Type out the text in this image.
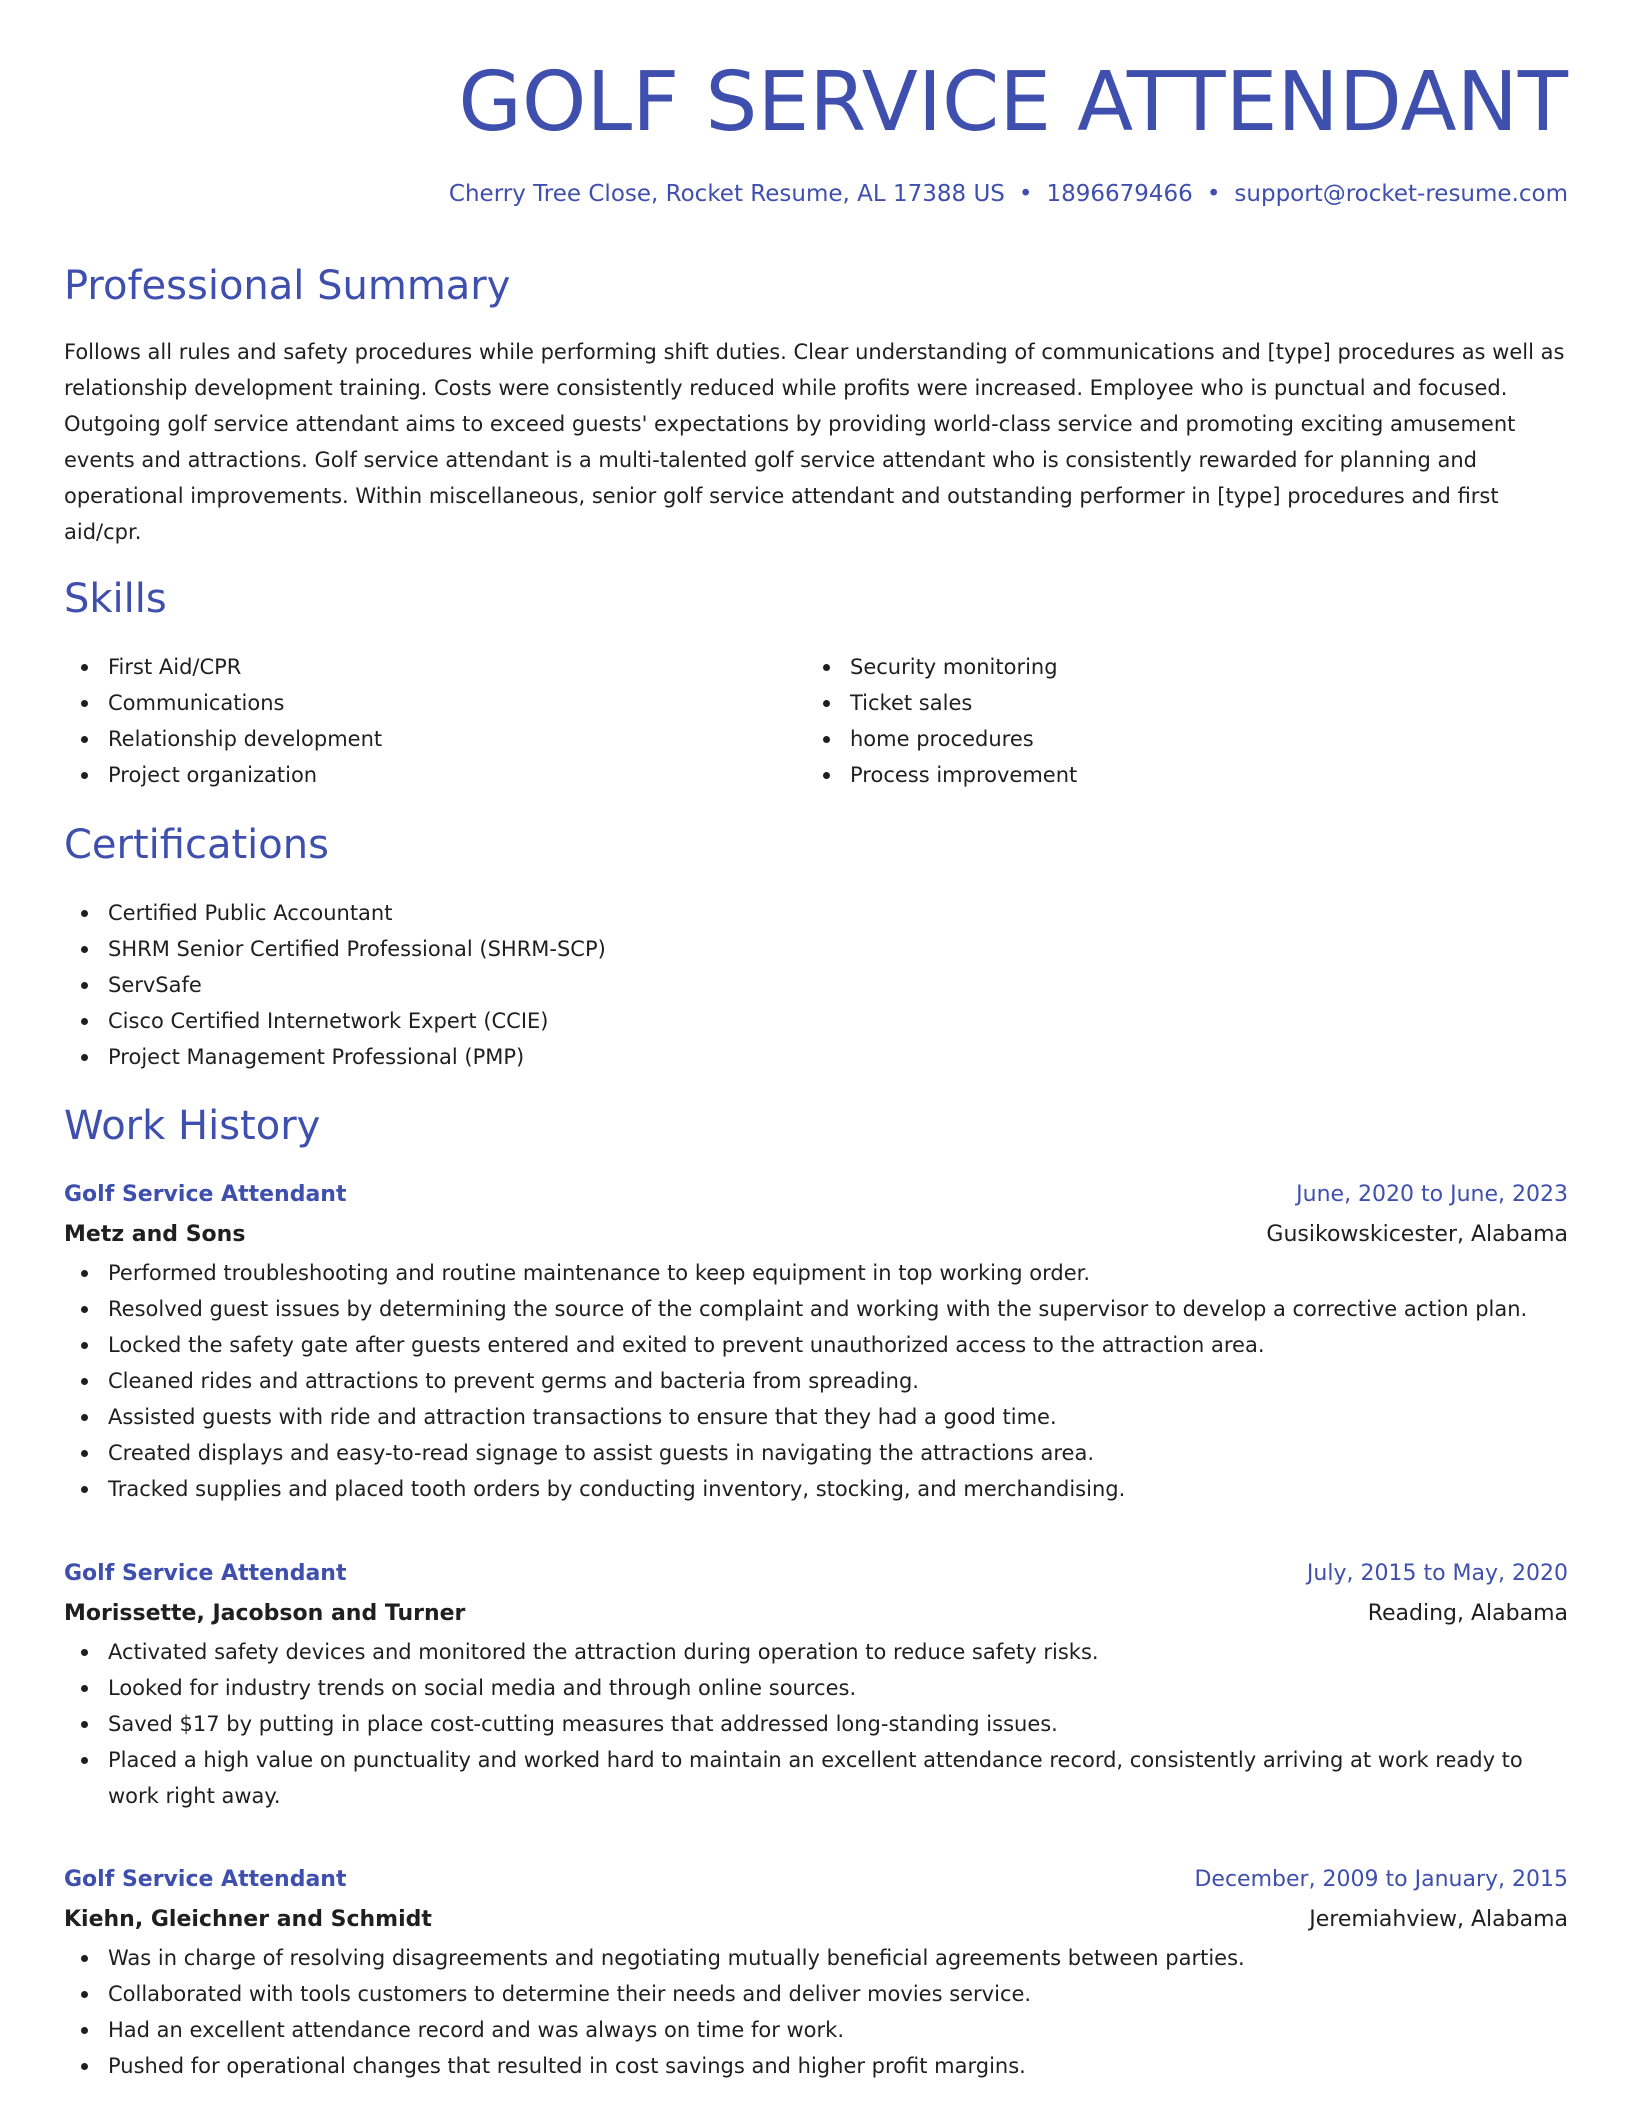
GOLF SERVICE ATTENDANT
Cherry Tree Close, Rocket Resume, AL 17388 US • 1896679466 • support@rocket-resume.com
Professional Summary

Follows all rules and safety procedures while performing shift duties. Clear understanding of communications and [type] procedures as well as relationship development training. Costs were consistently reduced while profits were increased. Employee who is punctual and focused. Outgoing golf service attendant aims to exceed guests' expectations by providing world-class service and promoting exciting amusement events and attractions. Golf service attendant is a multi-talented golf service attendant who is consistently rewarded for planning and operational improvements. Within miscellaneous, senior golf service attendant and outstanding performer in [type] procedures and first aid/cpr.

Skills
First Aid/CPR
Communications
Relationship development
Project organization
Security monitoring
Ticket sales
home procedures
Process improvement
Certifications
Certified Public Accountant
SHRM Senior Certified Professional (SHRM-SCP)
ServSafe
Cisco Certified Internetwork Expert (CCIE)
Project Management Professional (PMP)
Work History
Golf Service Attendant	June, 2020 to June, 2023
Metz and Sons	Gusikowskicester, Alabama
Performed troubleshooting and routine maintenance to keep equipment in top working order.
Resolved guest issues by determining the source of the complaint and working with the supervisor to develop a corrective action plan.
Locked the safety gate after guests entered and exited to prevent unauthorized access to the attraction area.
Cleaned rides and attractions to prevent germs and bacteria from spreading.
Assisted guests with ride and attraction transactions to ensure that they had a good time.
Created displays and easy-to-read signage to assist guests in navigating the attractions area.
Tracked supplies and placed tooth orders by conducting inventory, stocking, and merchandising.
Golf Service Attendant	July, 2015 to May, 2020
Morissette, Jacobson and Turner	Reading, Alabama
Activated safety devices and monitored the attraction during operation to reduce safety risks.
Looked for industry trends on social media and through online sources.
Saved $17 by putting in place cost-cutting measures that addressed long-standing issues.
Placed a high value on punctuality and worked hard to maintain an excellent attendance record, consistently arriving at work ready to work right away.
Golf Service Attendant	December, 2009 to January, 2015
Kiehn, Gleichner and Schmidt	Jeremiahview, Alabama
Was in charge of resolving disagreements and negotiating mutually beneficial agreements between parties.
Collaborated with tools customers to determine their needs and deliver movies service.
Had an excellent attendance record and was always on time for work.
Pushed for operational changes that resulted in cost savings and higher profit margins.
